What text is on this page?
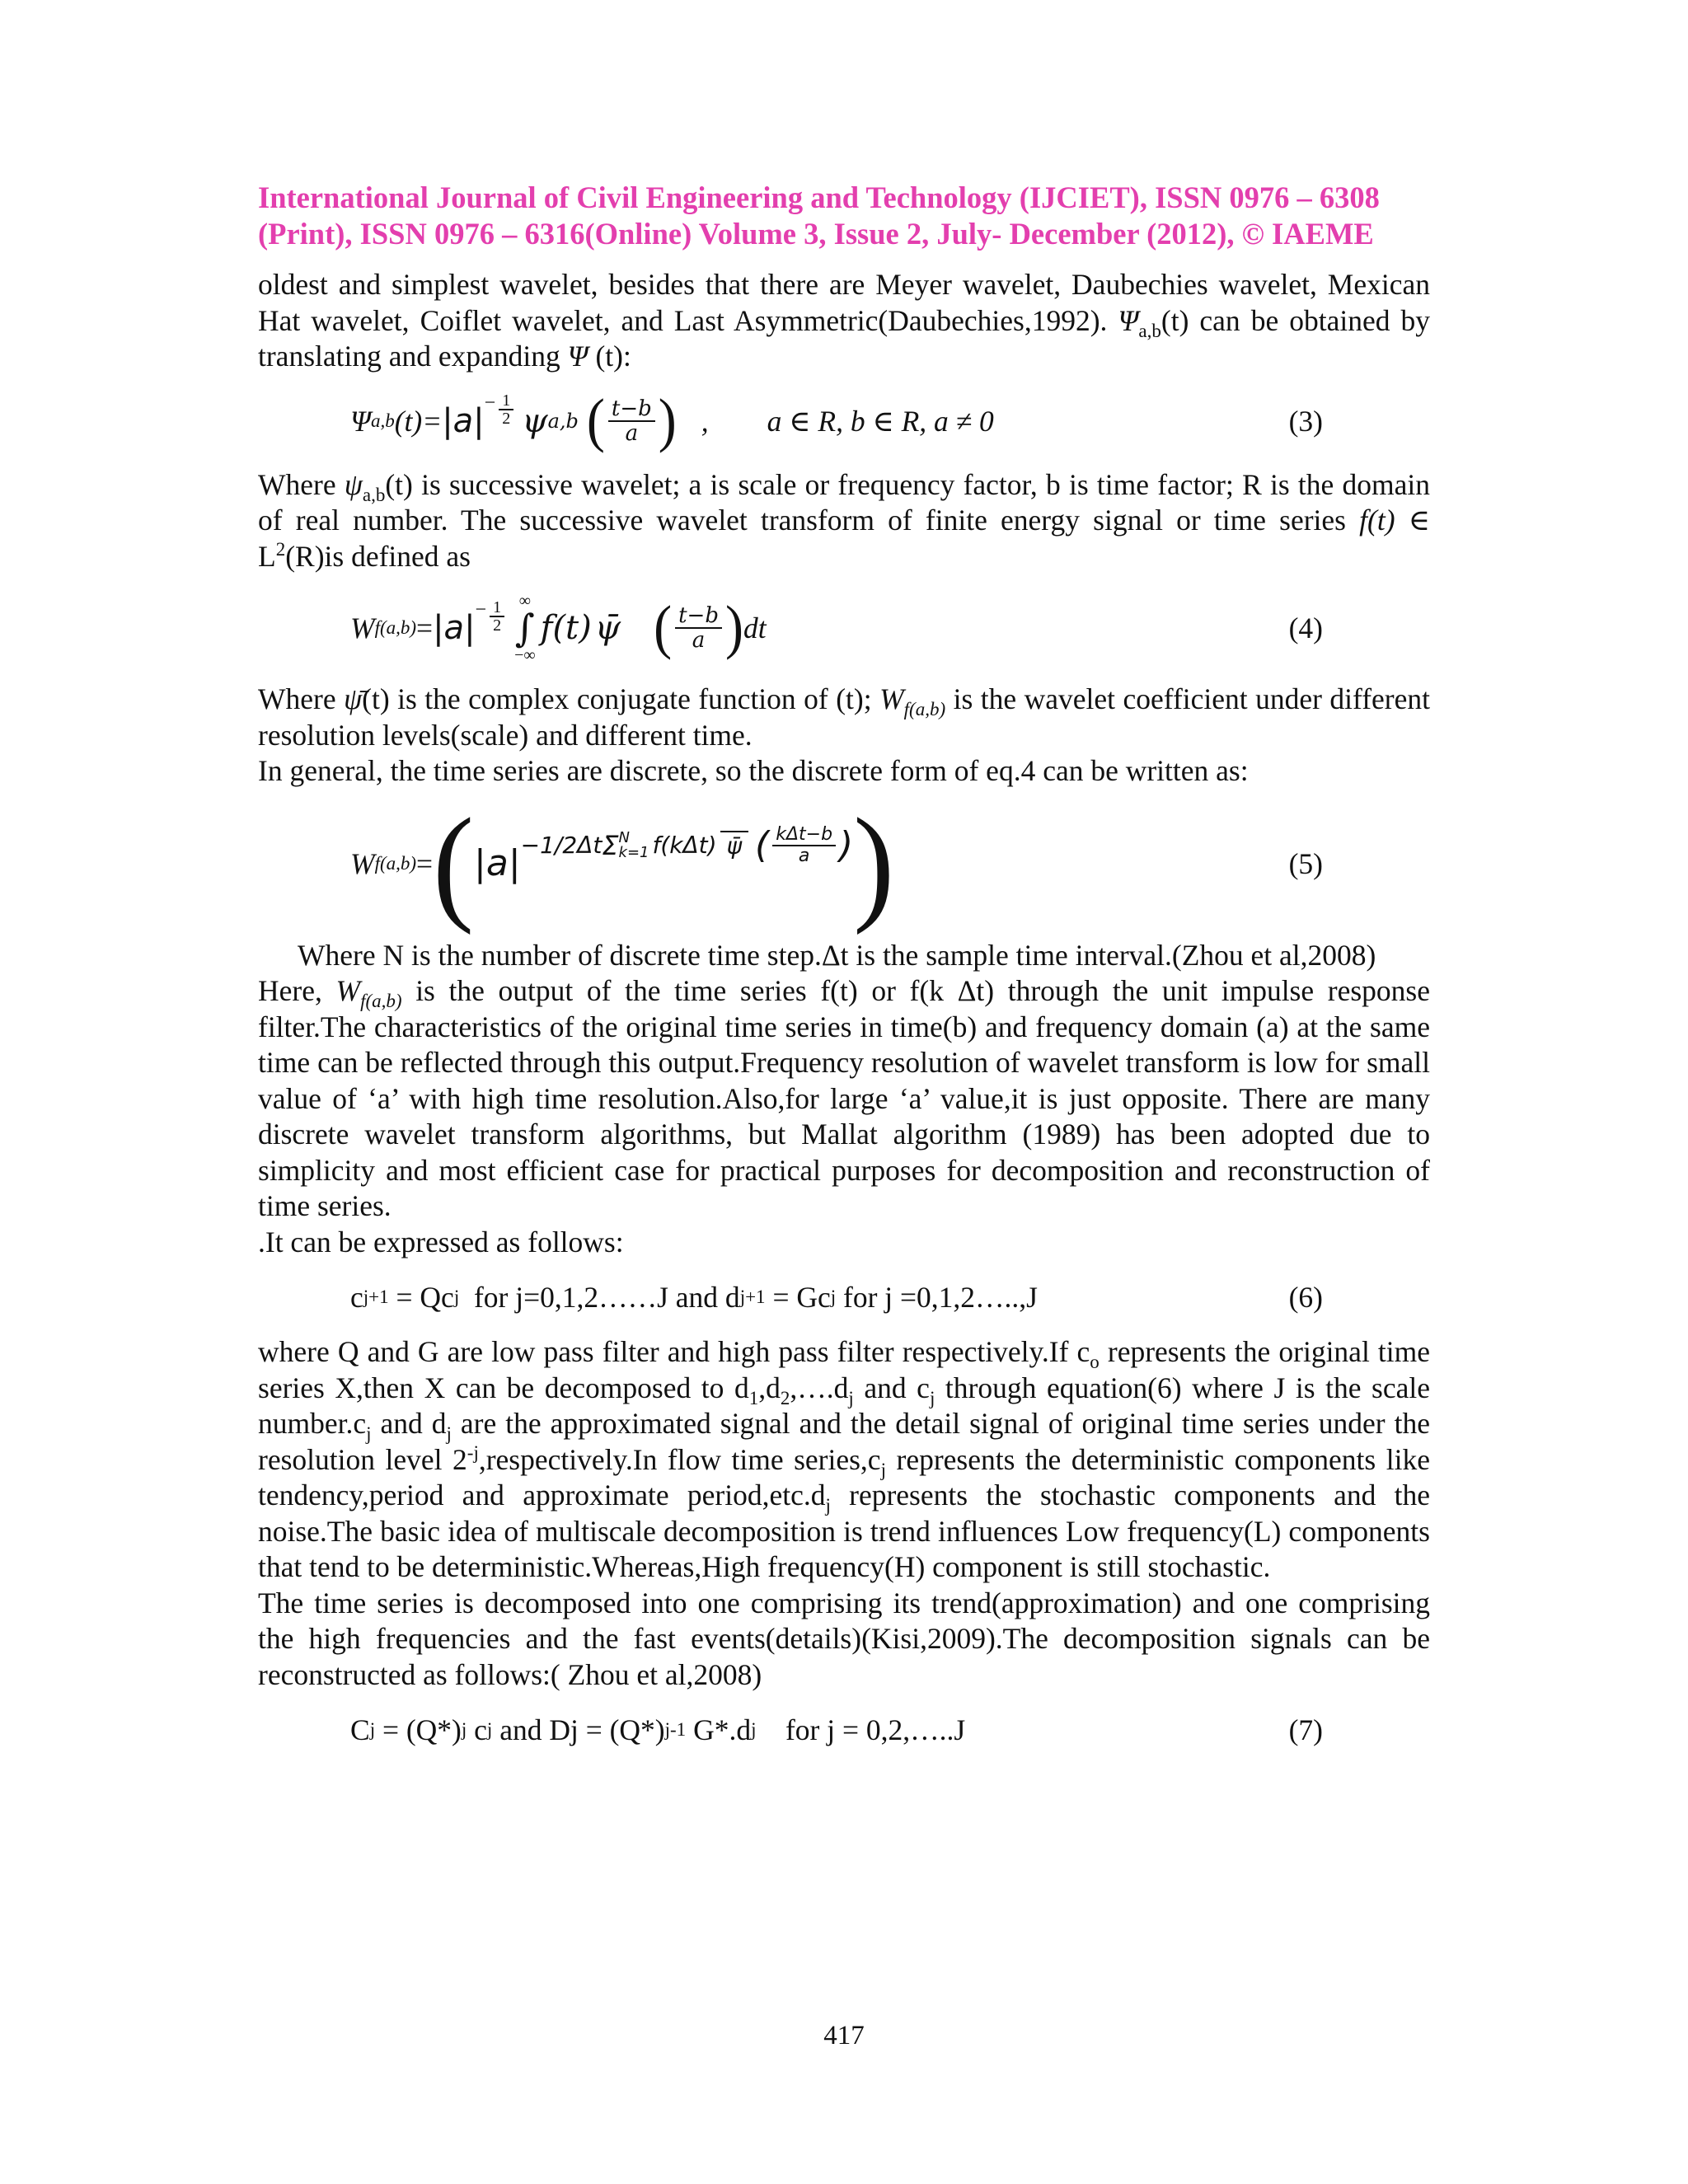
International Journal of Civil Engineering and Technology (IJCIET), ISSN 0976 – 6308
(Print), ISSN 0976 – 6316(Online) Volume 3, Issue 2, July- December (2012), © IAEME

oldest and simplest wavelet, besides that there are Meyer wavelet, Daubechies wavelet, Mexican Hat wavelet, Coiflet wavelet, and Last Asymmetric(Daubechies,1992). $\Psi_{a,b}(t)$ can be obtained by translating and expanding Ψ (t):

Ψ a,b $(t)= |a| - \frac{1}{2}$ ψ a,b ( $\frac{t-b}{a}$ ) ,        a ∈ R, b ∈ R, a ≠ 0	(3)

Where $\psi_{a,b}(t)$ is successive wavelet; a is scale or frequency factor, b is time factor; R is the domain of real number. The successive wavelet transform of finite energy signal or time series f(t) ∈ $L^2(R)is$ defined as

W $f(a,b) = |a| - \frac{1}{2}$ ∞
∫
−∞
f(t) ψ̄ ( $\frac{t-b}{a}$ ) dt	(4)

Where ψ̄(t) is the complex conjugate function of (t); $W_{f(a,b)}$ is the wavelet coefficient under different resolution levels(scale) and different time.

In general, the time series are discrete, so the discrete form of eq.4 can be written as:

W f(a,b) = ( |a| −1/2Δt Σ N
k=1 f(kΔt) ψ̄ ( $\frac{\text{kΔt−b}}{a}$ ) )	(5)

Where N is the number of discrete time step.Δt is the sample time interval.(Zhou et al,2008)

Here, $W_{f(a,b)}$ is the output of the time series f(t) or f(k Δt) through the unit impulse response filter.The characteristics of the original time series in time(b) and frequency domain (a) at the same time can be reflected through this output.Frequency resolution of wavelet transform is low for small value of ‘a’ with high time resolution.Also,for large ‘a’ value,it is just opposite. There are many discrete wavelet transform algorithms, but Mallat algorithm (1989) has been adopted due to simplicity and most efficient case for practical purposes for decomposition and reconstruction of time series.

.It can be expressed as follows:

c j+1 = Qc j for j=0,1,2……J and d j+1 = Gc j for j =0,1,2…..,J	(6)

where Q and G are low pass filter and high pass filter respectively.If $c_o$ represents the original time series X,then X can be decomposed to $d_1,d_2,\dots.d_j$ and $c_j$ through equation(6) where J is the scale $number.c_j$ and $d_j$ are the approximated signal and the detail signal of original time series under the resolution level $2^{-j},respectively.In$ flow time $series,c_j$ represents the deterministic components like tendency,period and approximate $period,etc.d_j$ represents the stochastic components and the noise.The basic idea of multiscale decomposition is trend influences Low frequency(L) components that tend to be deterministic.Whereas,High frequency(H) component is still stochastic.

The time series is decomposed into one comprising its trend(approximation) and one comprising the high frequencies and the fast events(details)(Kisi,2009).The decomposition signals can be reconstructed as follows:( Zhou et al,2008)

C j = (Q*) j c j and Dj = (Q*) j-1 G*.d j for j = 0,2,…..J	(7)
417
